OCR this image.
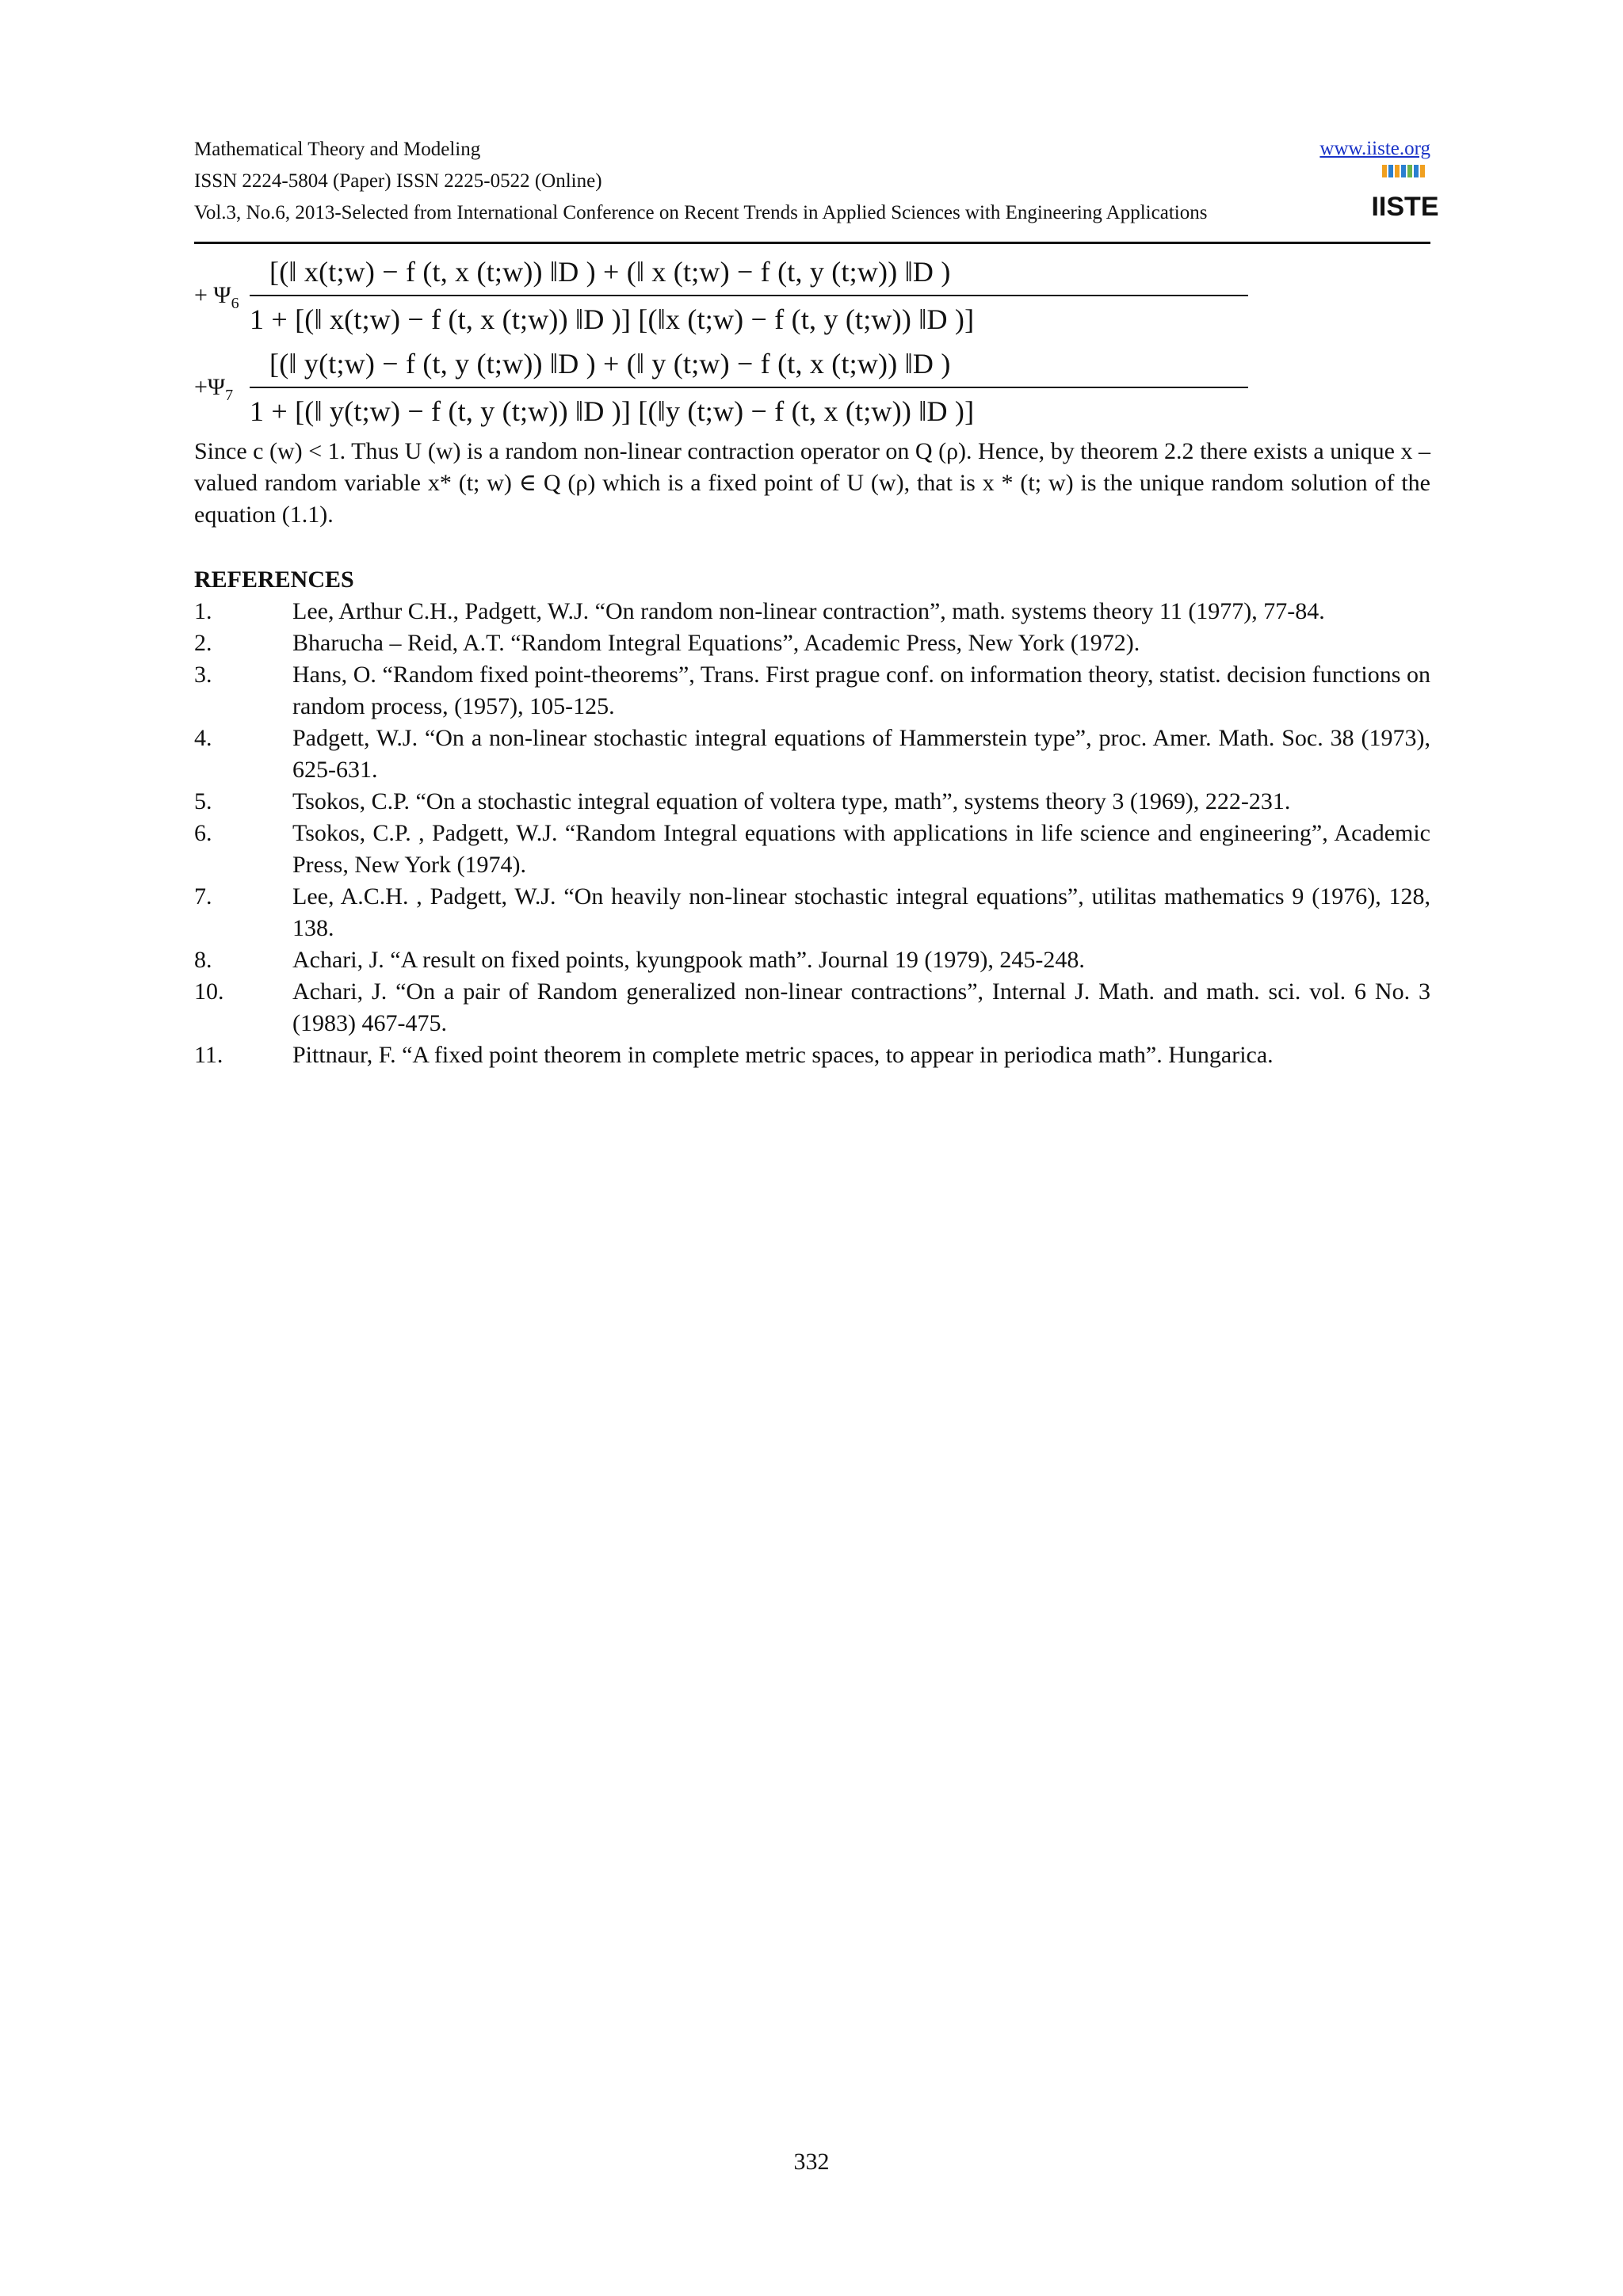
Mathematical Theory and Modeling	www.iiste.org
ISSN 2224-5804 (Paper) ISSN 2225-0522 (Online)
Vol.3, No.6, 2013-Selected from International Conference on Recent Trends in Applied Sciences with Engineering Applications	IISTE
+ $\Psi_6$
[(‖ x(t;w) − f (t, x (t;w)) ‖D ) + (‖ x (t;w) − f (t, y (t;w)) ‖D )
1 + [(‖ x(t;w) − f (t, x (t;w)) ‖D )] [(‖x (t;w) − f (t, y (t;w)) ‖D )]
$+\Psi_7$
[(‖ y(t;w) − f (t, y (t;w)) ‖D ) + (‖ y (t;w) − f (t, x (t;w)) ‖D )
1 + [(‖ y(t;w) − f (t, y (t;w)) ‖D )] [(‖y (t;w) − f (t, x (t;w)) ‖D )]
Since c (w) < 1. Thus U (w) is a random non-linear contraction operator on Q (ρ). Hence, by theorem 2.2 there exists a unique x – valued random variable x* (t; w) ∈ Q (ρ) which is a fixed point of U (w), that is x * (t; w) is the unique random solution of the equation (1.1).
REFERENCES
1.	Lee, Arthur C.H., Padgett, W.J. “On random non-linear contraction”, math. systems theory 11 (1977), 77-84.
2.	Bharucha – Reid, A.T. “Random Integral Equations”, Academic Press, New York (1972).
3.	Hans, O. “Random fixed point-theorems”, Trans. First prague conf. on information theory, statist. decision functions on random process, (1957), 105-125.
4.	Padgett, W.J. “On a non-linear stochastic integral equations of Hammerstein type”, proc. Amer. Math. Soc. 38 (1973), 625-631.
5.	Tsokos, C.P. “On a stochastic integral equation of voltera type, math”, systems theory 3 (1969), 222-231.
6.	Tsokos, C.P. , Padgett, W.J. “Random Integral equations with applications in life science and engineering”, Academic Press, New York (1974).
7.	Lee, A.C.H. , Padgett, W.J. “On heavily non-linear stochastic integral equations”, utilitas mathematics 9 (1976), 128, 138.
8.	Achari, J. “A result on fixed points, kyungpook math”. Journal 19 (1979), 245-248.
10.	Achari, J. “On a pair of Random generalized non-linear contractions”, Internal J. Math. and math. sci. vol. 6 No. 3 (1983) 467-475.
11.	Pittnaur, F. “A fixed point theorem in complete metric spaces, to appear in periodica math”. Hungarica.
332
